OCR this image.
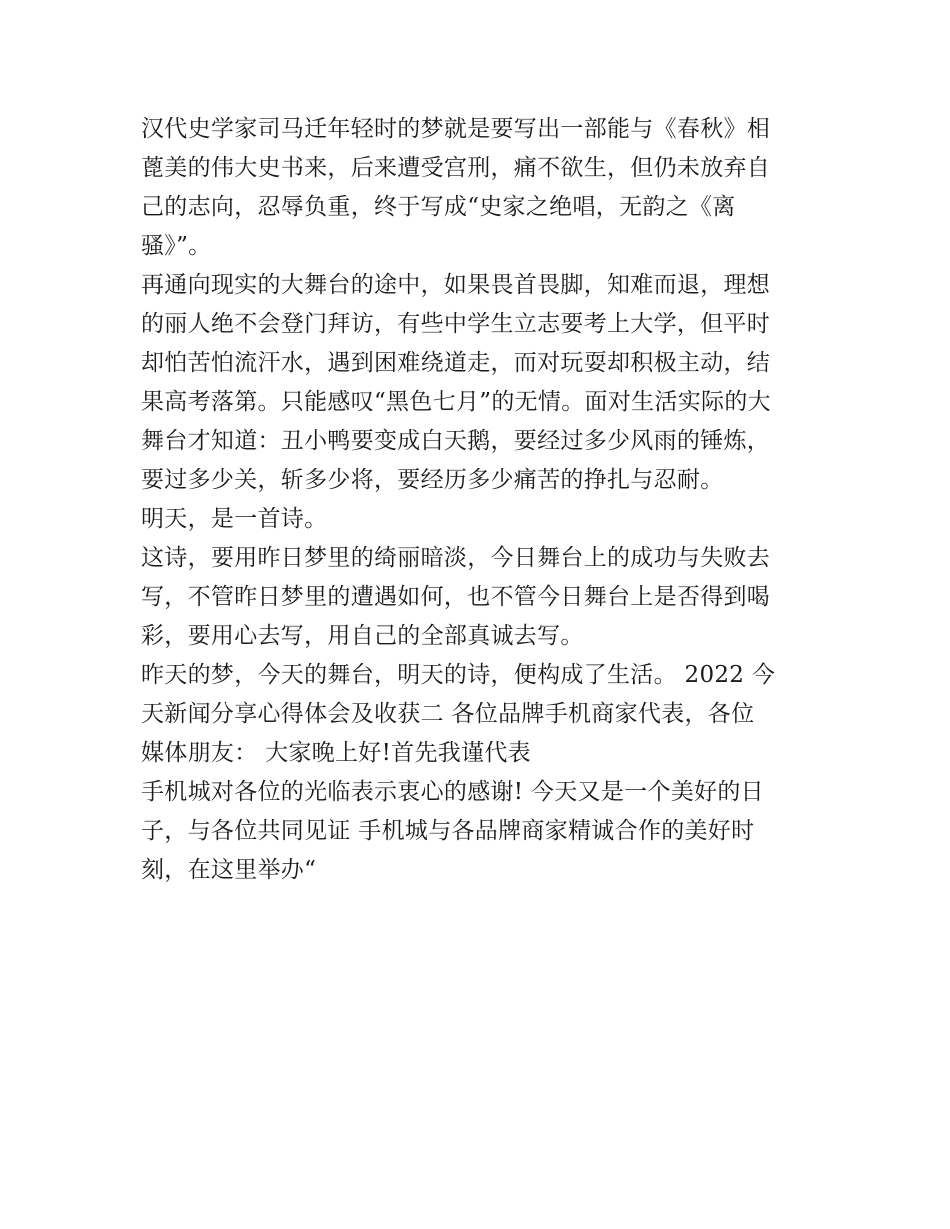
汉代史学家司马迁年轻时的梦就是要写出一部能与《春秋》相
蓖美的伟大史书来，后来遭受宫刑，痛不欲生，但仍未放弃自
己的志向，忍辱负重，终于写成“史家之绝唱，无韵之《离
骚》”。
再通向现实的大舞台的途中，如果畏首畏脚，知难而退，理想
的丽人绝不会登门拜访，有些中学生立志要考上大学，但平时
却怕苦怕流汗水，遇到困难绕道走，而对玩耍却积极主动，结
果高考落第。只能感叹“黑色七月”的无情。面对生活实际的大
舞台才知道：丑小鸭要变成白天鹅，要经过多少风雨的锤炼，
要过多少关，斩多少将，要经历多少痛苦的挣扎与忍耐。
明天，是一首诗。
这诗，要用昨日梦里的绮丽暗淡，今日舞台上的成功与失败去
写，不管昨日梦里的遭遇如何，也不管今日舞台上是否得到喝
彩，要用心去写，用自己的全部真诚去写。
昨天的梦，今天的舞台，明天的诗，便构成了生活。 2022 今
天新闻分享心得体会及收获二 各位品牌手机商家代表，各位
媒体朋友： 大家晚上好!首先我谨代表
手机城对各位的光临表示衷心的感谢! 今天又是一个美好的日
子，与各位共同见证 手机城与各品牌商家精诚合作的美好时
刻，在这里举办“
